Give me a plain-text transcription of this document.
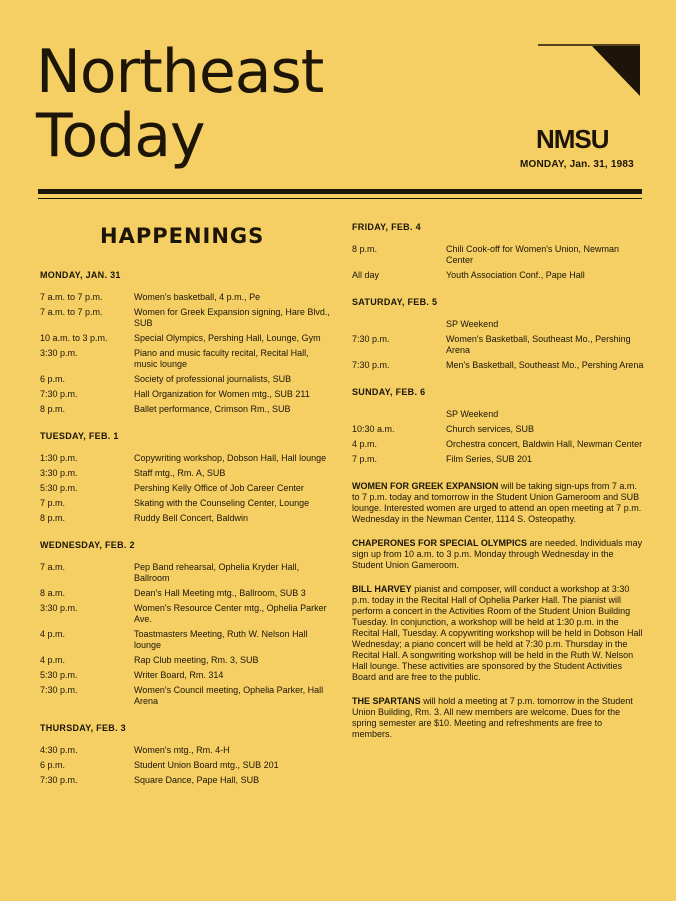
Northeast
Today	NMSU
MONDAY, Jan. 31, 1983
HAPPENINGS
MONDAY, JAN. 31
7 a.m. to 7 p.m.	Women's basketball, 4 p.m., Pe
7 a.m. to 7 p.m.	Women for Greek Expansion signing, Hare Blvd., SUB
10 a.m. to 3 p.m.	Special Olympics, Pershing Hall, Lounge, Gym
3:30 p.m.	Piano and music faculty recital, Recital Hall, music lounge
6 p.m.	Society of professional journalists, SUB
7:30 p.m.	Hall Organization for Women mtg., SUB 211
8 p.m.	Ballet performance, Crimson Rm., SUB
TUESDAY, FEB. 1
1:30 p.m.	Copywriting workshop, Dobson Hall, Hall lounge
3:30 p.m.	Staff mtg., Rm. A, SUB
5:30 p.m.	Pershing Kelly Office of Job Career Center
7 p.m.	Skating with the Counseling Center, Lounge
8 p.m.	Ruddy Bell Concert, Baldwin
WEDNESDAY, FEB. 2
7 a.m.	Pep Band rehearsal, Ophelia Kryder Hall, Ballroom
8 a.m.	Dean's Hall Meeting mtg., Ballroom, SUB 3
3:30 p.m.	Women's Resource Center mtg., Ophelia Parker Ave.
4 p.m.	Toastmasters Meeting, Ruth W. Nelson Hall lounge
4 p.m.	Rap Club meeting, Rm. 3, SUB
5:30 p.m.	Writer Board, Rm. 314
7:30 p.m.	Women's Council meeting, Ophelia Parker, Hall Arena
THURSDAY, FEB. 3
4:30 p.m.	Women's mtg., Rm. 4-H
6 p.m.	Student Union Board mtg., SUB 201
7:30 p.m.	Square Dance, Pape Hall, SUB
FRIDAY, FEB. 4
8 p.m.	Chili Cook-off for Women's Union, Newman Center
All day	Youth Association Conf., Pape Hall
SATURDAY, FEB. 5
SP Weekend
7:30 p.m.	Women's Basketball, Southeast Mo., Pershing Arena
7:30 p.m.	Men's Basketball, Southeast Mo., Pershing Arena
SUNDAY, FEB. 6
SP Weekend
10:30 a.m.	Church services, SUB
4 p.m.	Orchestra concert, Baldwin Hall, Newman Center
7 p.m.	Film Series, SUB 201

WOMEN FOR GREEK EXPANSION will be taking sign-ups from 7 a.m. to 7 p.m. today and tomorrow in the Student Union Gameroom and SUB lounge. Interested women are urged to attend an open meeting at 7 p.m. Wednesday in the Newman Center, 1114 S. Osteopathy.

CHAPERONES FOR SPECIAL OLYMPICS are needed. Individuals may sign up from 10 a.m. to 3 p.m. Monday through Wednesday in the Student Union Gameroom.

BILL HARVEY pianist and composer, will conduct a workshop at 3:30 p.m. today in the Recital Hall of Ophelia Parker Hall. The pianist will perform a concert in the Activities Room of the Student Union Building Tuesday. In conjunction, a workshop will be held at 1:30 p.m. in the Recital Hall, Tuesday. A copywriting workshop will be held in Dobson Hall Wednesday; a piano concert will be held at 7:30 p.m. Thursday in the Recital Hall. A songwriting workshop will be held in the Ruth W. Nelson Hall lounge. These activities are sponsored by the Student Activities Board and are free to the public.

THE SPARTANS will hold a meeting at 7 p.m. tomorrow in the Student Union Building, Rm. 3. All new members are welcome. Dues for the spring semester are $10. Meeting and refreshments are free to members.
